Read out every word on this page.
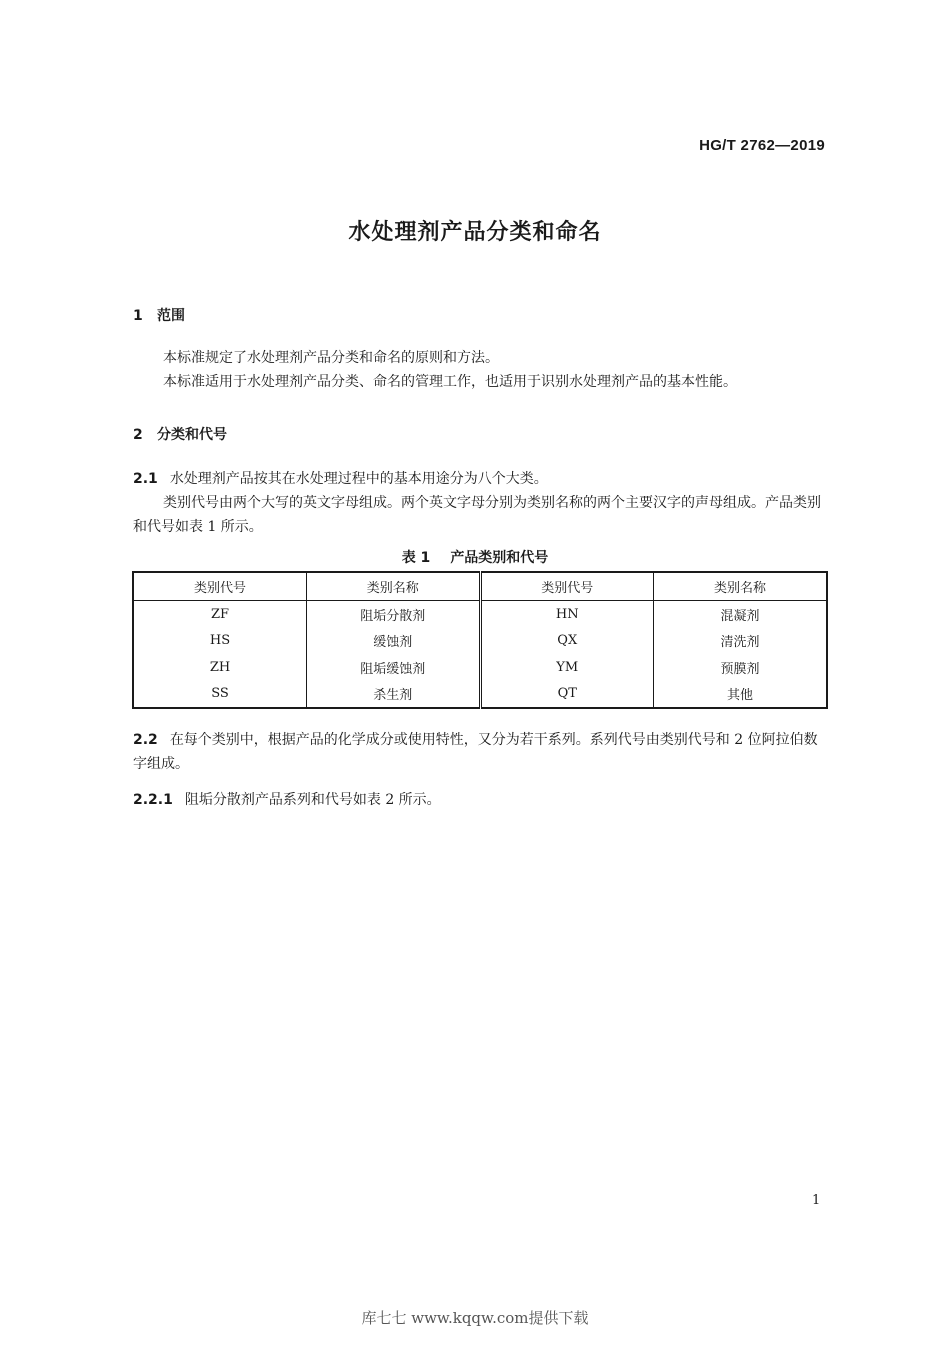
HG/T 2762—2019
水处理剂产品分类和命名
1 范围
本标准规定了水处理剂产品分类和命名的原则和方法。
本标准适用于水处理剂产品分类、命名的管理工作，也适用于识别水处理剂产品的基本性能。
2 分类和代号
2.1 水处理剂产品按其在水处理过程中的基本用途分为八个大类。
类别代号由两个大写的英文字母组成。两个英文字母分别为类别名称的两个主要汉字的声母组成。产品类别和代号如表 1 所示。
表 1 产品类别和代号
类别代号	类别名称	类别代号	类别名称
ZF	阻垢分散剂	HN	混凝剂
HS	缓蚀剂	QX	清洗剂
ZH	阻垢缓蚀剂	YM	预膜剂
SS	杀生剂	QT	其他
2.2 在每个类别中，根据产品的化学成分或使用特性，又分为若干系列。系列代号由类别代号和 2 位阿拉伯数字组成。
2.2.1 阻垢分散剂产品系列和代号如表 2 所示。
1
库七七 www.kqqw.com提供下载
